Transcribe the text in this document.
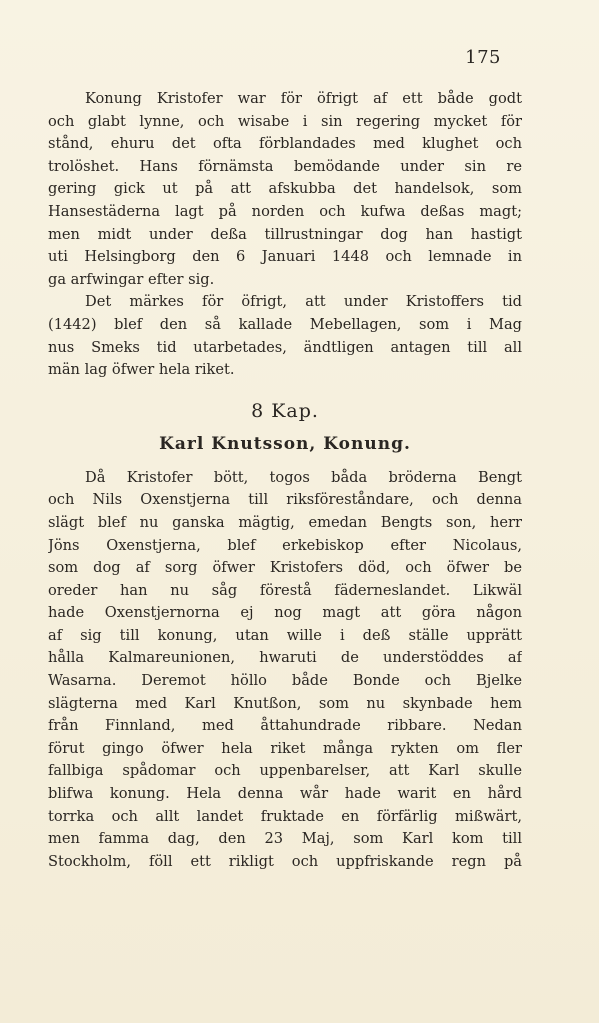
175

Konung Kristofer war för öfrigt af ett både godt
och glabt lynne, och wisabe i sin regering mycket för
stånd, ehuru det ofta förblandades med klughet och
trolöshet. Hans förnämsta bemödande under sin re
gering gick ut på att afskubba det handelsok, som
Hansestäderna lagt på norden och kufwa deßas magt;
men midt under deßa tillrustningar dog han hastigt
uti Helsingborg den 6 Januari 1448 och lemnade in
ga arfwingar efter sig.

Det märkes för öfrigt, att under Kristoffers tid
(1442) blef den så kallade Mebellagen, som i Mag
nus Smeks tid utarbetades, ändtligen antagen till all
män lag öfwer hela riket.

8 Kap.
Karl Knutsson, Konung.

Då Kristofer bött, togos båda bröderna Bengt
och Nils Oxenstjerna till riksföreståndare, och denna
slägt blef nu ganska mägtig, emedan Bengts son, herr
Jöns Oxenstjerna, blef erkebiskop efter Nicolaus,
som dog af sorg öfwer Kristofers död, och öfwer be
oreder han nu såg förestå fäderneslandet. Likwäl
hade Oxenstjernorna ej nog magt att göra någon
af sig till konung, utan wille i deß ställe upprätt
hålla Kalmareunionen, hwaruti de understöddes af
Wasarna. Deremot höllo både Bonde och Bjelke
slägterna med Karl Knutßon, som nu skynbade hem
från Finnland, med åttahundrade ribbare. Nedan
förut gingo öfwer hela riket många rykten om fler
fallbiga spådomar och uppenbarelser, att Karl skulle
blifwa konung. Hela denna wår hade warit en hård
torrka och allt landet fruktade en förfärlig mißwärt,
men famma dag, den 23 Maj, som Karl kom till
Stockholm, föll ett rikligt och uppfriskande regn på
